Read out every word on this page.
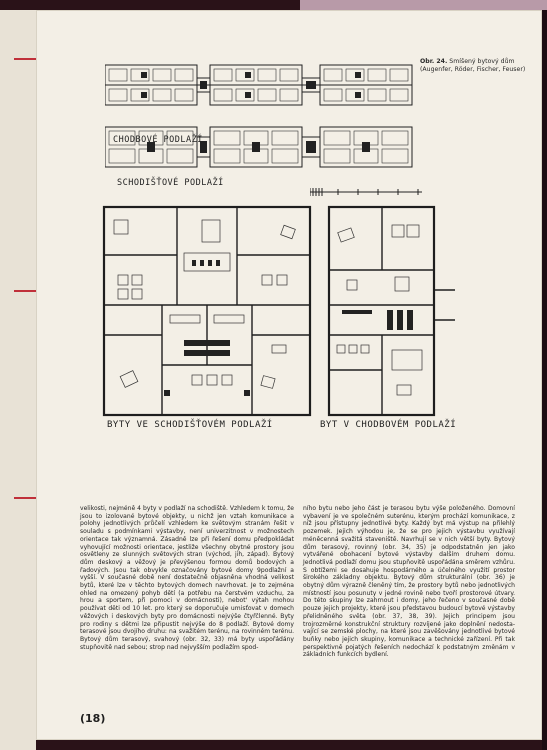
Obr. 24. Smíšený bytový dům (Augenfer, Röder, Fischer, Feuser)
CHODBOVÉ PODLAŽÍ
SCHODIŠŤOVÉ PODLAŽÍ
BYTY VE SCHODIŠŤOVÉM PODLAŽÍ	BYT V CHODBOVÉM PODLAŽÍ
velikosti, nejméně 4 byty v podlaží na schodiště. Vzhledem k tomu, že jsou to izolované bytové objekty, u nichž jen vztah komunikace a polohy jednotlivých průčelí vzhledem ke světovým stranám řešit v souladu s podmínkami výstavby, není univerzitnost v možnostech orientace tak významná. Zásadně lze při řešení domu předpokládat vyhovující možnosti orientace, jestliže všechny obytné prostory jsou osvětleny ze slunných světových stran (východ, jih, západ). Bytový dům deskový a věžový je převýšenou formou domů bodových a řadových. Jsou tak obvykle označovány bytové domy 9podlažní a vyšší. V současné době není dostatečně objasněna vhodná velikost bytů, které lze v těchto bytových domech navrhovat. Je to zejména ohled na omezený pohyb dětí (a potřebu na čerstvém vzduchu, za hrou a sportem, při pomoci v domácnosti), nebot' výtah mohou používat děti od 10 let. pro který se doporučuje umisťovat v domech věžových i deskových byty pro domácnosti nejvýše čtyřčlenné. Byty pro rodiny s dětmi lze připustit nejvýše do 8 podlaží. Bytové domy terasové jsou dvojího druhu: na svažitém terénu, na rovinném terénu. Bytový dům terasový, svahový (obr. 32, 33) má byty uspořádány stupňovitě nad sebou; strop nad nejvyšším podlažím spod-
ního bytu nebo jeho část je terasou bytu výše položeného. Domovní vybavení je ve společném suterénu, kterým prochází komunikace, z níž jsou přístupny jednotlivé byty. Každý byt má výstup na přilehlý pozemek. Jejich výhodou je, že se pro jejich výstavbu využívají méněcenná svažitá staveniště. Navrhují se v nich větší byty. Bytový dům terasový, rovinný (obr. 34, 35) je odpodstatněn jen jako vytvářené obohacení bytové výstavby dalším druhem domu. Jednotlivá podlaží domu jsou stupňovitě uspořádána směrem vzhůru. S obtížemi se dosahuje hospodárného a účelného využití prostor širokého základny objektu. Bytový dům strukturální (obr. 36) je obytný dům výrazně členěný tím, že prostory bytů nebo jednotlivých místností jsou posunuty v jedné rovině nebo tvoří prostorové útvary. Do této skupiny lze zahrnout i domy, jeho řečeno v současné době pouze jejich projekty, které jsou představou budoucí bytové výstavby přelidněného světa (obr. 37, 38, 39). Jejich principem jsou trojrozměrné konstrukční struktury rozvíjené jako doplnění nedostavající se zemské plochy, na které jsou zavěšovány jednotlivé bytové buňky nebo jejich skupiny, komunikace a technické zařízení. Při tak perspektivně pojatých řešeních nedochází k podstatným změnám v základních funkcích bydlení.
(18)
